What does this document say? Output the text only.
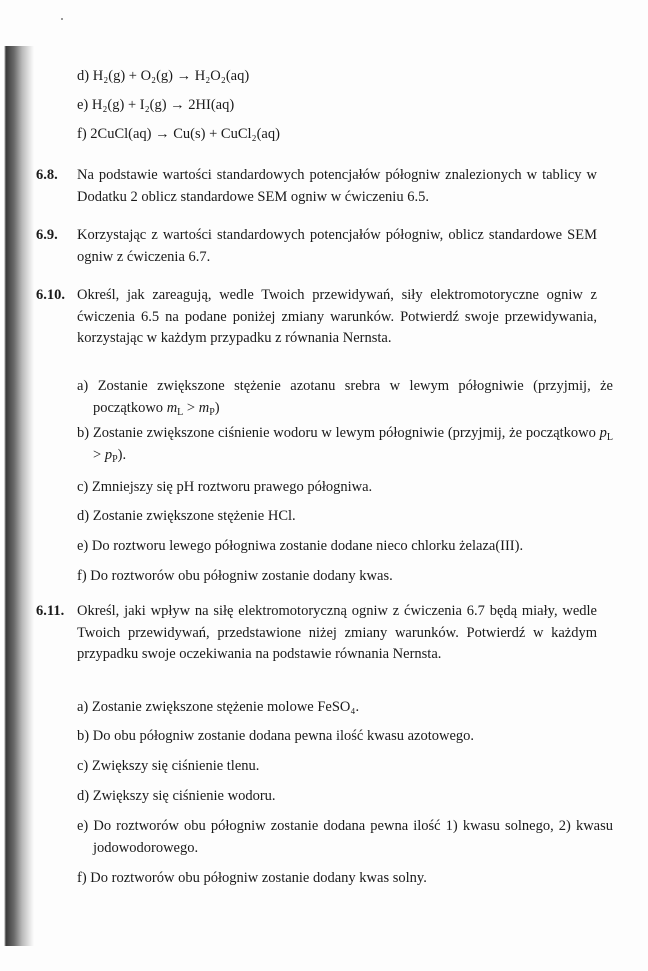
d) H₂(g) + O₂(g) → H₂O₂(aq)
e) H₂(g) + I₂(g) → 2HI(aq)
f) 2CuCl(aq) → Cu(s) + CuCl₂(aq)
6.8. Na podstawie wartości standardowych potencjałów półogniw znalezionych w tablicy w Dodatku 2 oblicz standardowe SEM ogniw w ćwiczeniu 6.5.
6.9. Korzystając z wartości standardowych potencjałów półogniw, oblicz standardowe SEM ogniw z ćwiczenia 6.7.
6.10. Określ, jak zareagują, wedle Twoich przewidywań, siły elektromotoryczne ogniw z ćwiczenia 6.5 na podane poniżej zmiany warunków. Potwierdź swoje przewidywania, korzystając w każdym przypadku z równania Nernsta.
a) Zostanie zwiększone stężenie azotanu srebra w lewym półogniwie (przyjmij, że początkowo $m_L > m_P$)
b) Zostanie zwiększone ciśnienie wodoru w lewym półogniwie (przyjmij, że początkowo $p_L > p_P$).
c) Zmniejszy się pH roztworu prawego półogniwa.
d) Zostanie zwiększone stężenie HCl.
e) Do roztworu lewego półogniwa zostanie dodane nieco chlorku żelaza(III).
f) Do roztworów obu półogniw zostanie dodany kwas.
6.11. Określ, jaki wpływ na siłę elektromotoryczną ogniw z ćwiczenia 6.7 będą miały, wedle Twoich przewidywań, przedstawione niżej zmiany warunków. Potwierdź w każdym przypadku swoje oczekiwania na podstawie równania Nernsta.
a) Zostanie zwiększone stężenie molowe FeSO₄.
b) Do obu półogniw zostanie dodana pewna ilość kwasu azotowego.
c) Zwiększy się ciśnienie tlenu.
d) Zwiększy się ciśnienie wodoru.
e) Do roztworów obu półogniw zostanie dodana pewna ilość 1) kwasu solnego, 2) kwasu jodowodorowego.
f) Do roztworów obu półogniw zostanie dodany kwas solny.
